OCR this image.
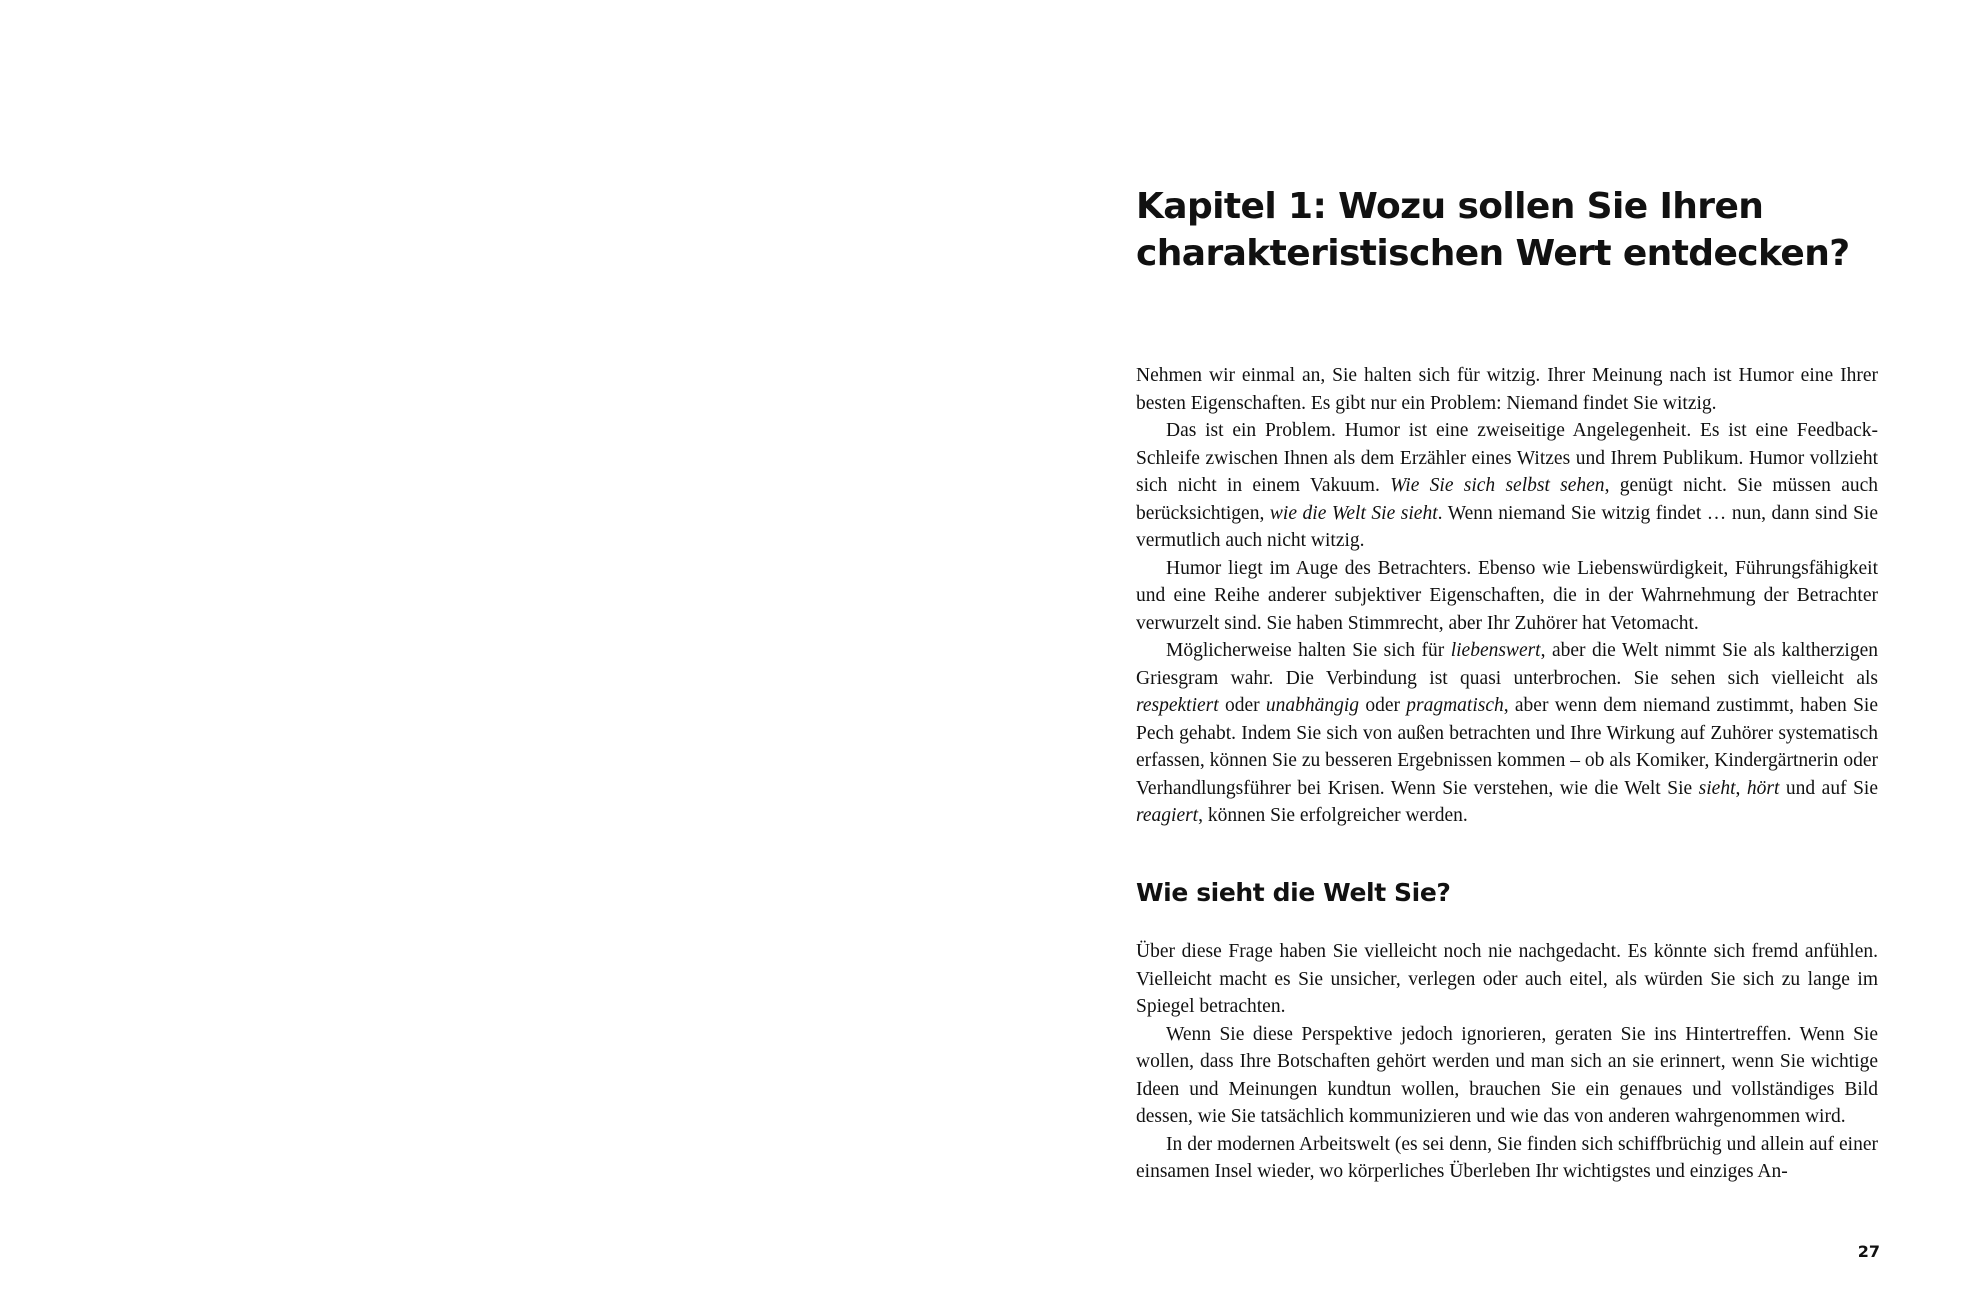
Kapitel 1: Wozu sollen Sie Ihren
charakteristischen Wert entdecken?

Nehmen wir einmal an, Sie halten sich für witzig. Ihrer Meinung nach ist Humor eine Ihrer besten Eigenschaften. Es gibt nur ein Problem: Niemand findet Sie witzig.

Das ist ein Problem. Humor ist eine zweiseitige Angelegenheit. Es ist eine Feedback-Schleife zwischen Ihnen als dem Erzähler eines Witzes und Ihrem Publikum. Humor vollzieht sich nicht in einem Vakuum. Wie Sie sich selbst sehen, genügt nicht. Sie müssen auch berücksichtigen, wie die Welt Sie sieht. Wenn niemand Sie witzig findet … nun, dann sind Sie vermutlich auch nicht witzig.

Humor liegt im Auge des Betrachters. Ebenso wie Liebenswürdigkeit, Führungsfähigkeit und eine Reihe anderer subjektiver Eigenschaften, die in der Wahrnehmung der Betrachter verwurzelt sind. Sie haben Stimmrecht, aber Ihr Zuhörer hat Vetomacht.

Möglicherweise halten Sie sich für liebenswert, aber die Welt nimmt Sie als kaltherzigen Griesgram wahr. Die Verbindung ist quasi unterbrochen. Sie sehen sich vielleicht als respektiert oder unabhängig oder pragmatisch, aber wenn dem niemand zustimmt, haben Sie Pech gehabt. Indem Sie sich von außen betrachten und Ihre Wirkung auf Zuhörer systematisch erfassen, können Sie zu besseren Ergebnissen kommen – ob als Komiker, Kindergärtnerin oder Verhandlungsführer bei Krisen. Wenn Sie verstehen, wie die Welt Sie sieht, hört und auf Sie reagiert, können Sie erfolgreicher werden.

Wie sieht die Welt Sie?

Über diese Frage haben Sie vielleicht noch nie nachgedacht. Es könnte sich fremd anfühlen. Vielleicht macht es Sie unsicher, verlegen oder auch eitel, als würden Sie sich zu lange im Spiegel betrachten.

Wenn Sie diese Perspektive jedoch ignorieren, geraten Sie ins Hintertreffen. Wenn Sie wollen, dass Ihre Botschaften gehört werden und man sich an sie erinnert, wenn Sie wichtige Ideen und Meinungen kundtun wollen, brauchen Sie ein genaues und vollständiges Bild dessen, wie Sie tatsächlich kommunizieren und wie das von anderen wahrgenommen wird.

In der modernen Arbeitswelt (es sei denn, Sie finden sich schiffbrüchig und allein auf einer einsamen Insel wieder, wo körperliches Überleben Ihr wichtigstes und einziges An-

27
